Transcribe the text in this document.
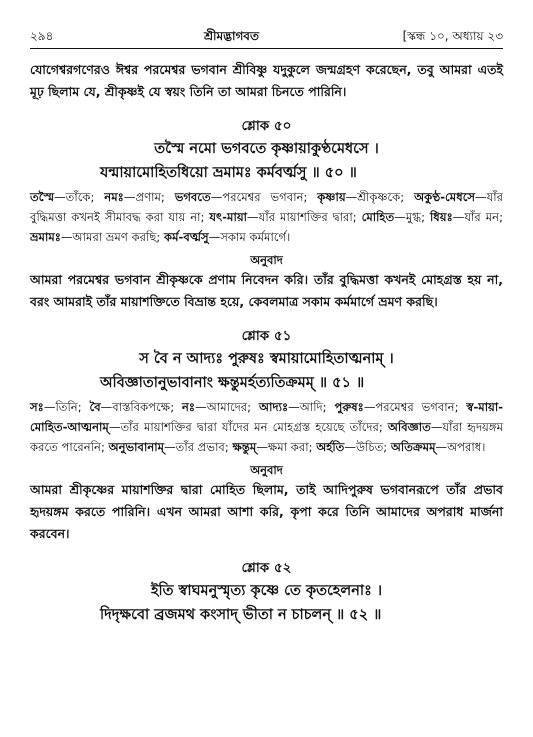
২৯৪	শ্রীমদ্ভাগবত	[স্কন্ধ ১০, অধ্যায় ২৩

যোগেশ্বরগণেরও ঈশ্বর পরমেশ্বর ভগবান শ্রীবিষ্ণু যদুকুলে জন্মগ্রহণ করেছেন, তবু আমরা এতই মূঢ় ছিলাম যে, শ্রীকৃষ্ণই যে স্বয়ং তিনি তা আমরা চিনতে পারিনি।

শ্লোক ৫০
তস্মৈ নমো ভগবতে কৃষ্ণায়াকুণ্ঠমেধসে ।
যন্মায়ামোহিতধিয়ো ভ্রমামঃ কর্মবর্ত্মসু ॥ ৫০ ॥

তস্মৈ—তাঁকে; নমঃ—প্রণাম; ভগবতে—পরমেশ্বর ভগবান; কৃষ্ণায়—শ্রীকৃষ্ণকে; অকুণ্ঠ-মেধসে—যাঁর বুদ্ধিমত্তা কখনই সীমাবদ্ধ করা যায় না; যৎ-মায়া—যাঁর মায়াশক্তির দ্বারা; মোহিত—মুগ্ধ; ধিয়ঃ—যাঁর মন; ভ্রমামঃ—আমরা ভ্রমণ করছি; কর্ম-বর্ত্মসু—সকাম কর্মমার্গে।

অনুবাদ

আমরা পরমেশ্বর ভগবান শ্রীকৃষ্ণকে প্রণাম নিবেদন করি। তাঁর বুদ্ধিমত্তা কখনই মোহগ্রস্ত হয় না, বরং আমরাই তাঁর মায়াশক্তিতে বিভ্রান্ত হয়ে, কেবলমাত্র সকাম কর্মমার্গে ভ্রমণ করছি।

শ্লোক ৫১
স বৈ ন আদ্যঃ পুরুষঃ স্বমায়ামোহিতাত্মনাম্ ।
অবিজ্ঞাতানুভাবানাং ক্ষন্তুমর্হত্যতিক্রমম্ ॥ ৫১ ॥

সঃ—তিনি; বৈ—বাস্তবিকপক্ষে; নঃ—আমাদের; আদ্যঃ—আদি; পুরুষঃ—পরমেশ্বর ভগবান; স্ব-মায়া-মোহিত-আত্মনাম্—তাঁর মায়াশক্তির দ্বারা যাঁদের মন মোহগ্রস্ত হয়েছে তাঁদের; অবিজ্ঞাত—যাঁরা হৃদয়ঙ্গম করতে পারেননি; অনুভাবানাম্—তাঁর প্রভাব; ক্ষন্তুম্—ক্ষমা করা; অর্হতি—উচিত; অতিক্রমম্—অপরাধ।

অনুবাদ

আমরা শ্রীকৃষ্ণের মায়াশক্তির দ্বারা মোহিত ছিলাম, তাই আদিপুরুষ ভগবানরূপে তাঁর প্রভাব হৃদয়ঙ্গম করতে পারিনি। এখন আমরা আশা করি, কৃপা করে তিনি আমাদের অপরাধ মার্জনা করবেন।

শ্লোক ৫২
ইতি স্বাঘমনুস্মৃত্য কৃষ্ণে তে কৃতহেলনাঃ ।
দিদৃক্ষবো ব্রজমথ কংসাদ্ ভীতা ন চাচলন্ ॥ ৫২ ॥
